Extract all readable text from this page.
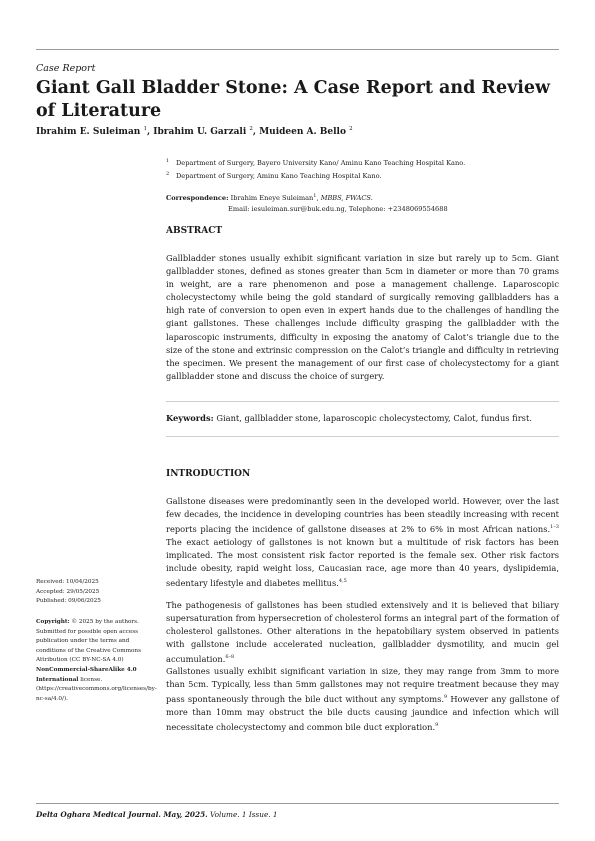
Case Report
Giant Gall Bladder Stone: A Case Report and Review of Literature
Ibrahim E. Suleiman $^1$, Ibrahim U. Garzali $^2$, Muideen A. Bello $^2$
$^1$ Department of Surgery, Bayero University Kano/ Aminu Kano Teaching Hospital Kano.
$^2$ Department of Surgery, Aminu Kano Teaching Hospital Kano.
Correspondence: Ibrahim Eneye Suleiman$^1$, MBBS, FWACS.
Email: iesuleiman.sur@buk.edu.ng, Telephone: +2348069554688
ABSTRACT

Gallbladder stones usually exhibit significant variation in size but rarely up to 5cm. Giant gallbladder stones, defined as stones greater than 5cm in diameter or more than 70 grams in weight, are a rare phenomenon and pose a management challenge. Laparoscopic cholecystectomy while being the gold standard of surgically removing gallbladders has a high rate of conversion to open even in expert hands due to the challenges of handling the giant gallstones. These challenges include difficulty grasping the gallbladder with the laparoscopic instruments, difficulty in exposing the anatomy of Calot’s triangle due to the size of the stone and extrinsic compression on the Calot’s triangle and difficulty in retrieving the specimen. We present the management of our first case of cholecystectomy for a giant gallbladder stone and discuss the choice of surgery.

Keywords: Giant, gallbladder stone, laparoscopic cholecystectomy, Calot, fundus first.
INTRODUCTION

Gallstone diseases were predominantly seen in the developed world. However, over the last few decades, the incidence in developing countries has been steadily increasing with recent reports placing the incidence of gallstone diseases at 2% to 6% in most African nations.$^{1-3}$ The exact aetiology of gallstones is not known but a multitude of risk factors has been implicated. The most consistent risk factor reported is the female sex. Other risk factors include obesity, rapid weight loss, Caucasian race, age more than 40 years, dyslipidemia, sedentary lifestyle and diabetes mellitus.$^{4,5}$

The pathogenesis of gallstones has been studied extensively and it is believed that biliary supersaturation from hypersecretion of cholesterol forms an integral part of the formation of cholesterol gallstones. Other alterations in the hepatobiliary system observed in patients with gallstone include accelerated nucleation, gallbladder dysmotility, and mucin gel accumulation.$^{6-8}$

Gallstones usually exhibit significant variation in size, they may range from 3mm to more than 5cm. Typically, less than 5mm gallstones may not require treatment because they may pass spontaneously through the bile duct without any symptoms.$^9$ However any gallstone of more than 10mm may obstruct the bile ducts causing jaundice and infection which will necessitate cholecystectomy and common bile duct exploration.$^9$

Received: 10/04/2025
Accepted: 29/05/2025
Published: 09/06/2025
Copyright: © 2025 by the authors. Submitted for possible open access publication under the terms and conditions of the Creative Commons Attribution (CC BY-NC-SA 4.0) NonCommercial-ShareAlike 4.0 International license. (https://creativecommons.org/licenses/by-nc-sa/4.0/).
Delta Oghara Medical Journal. May, 2025. Volume. 1 Issue. 1
